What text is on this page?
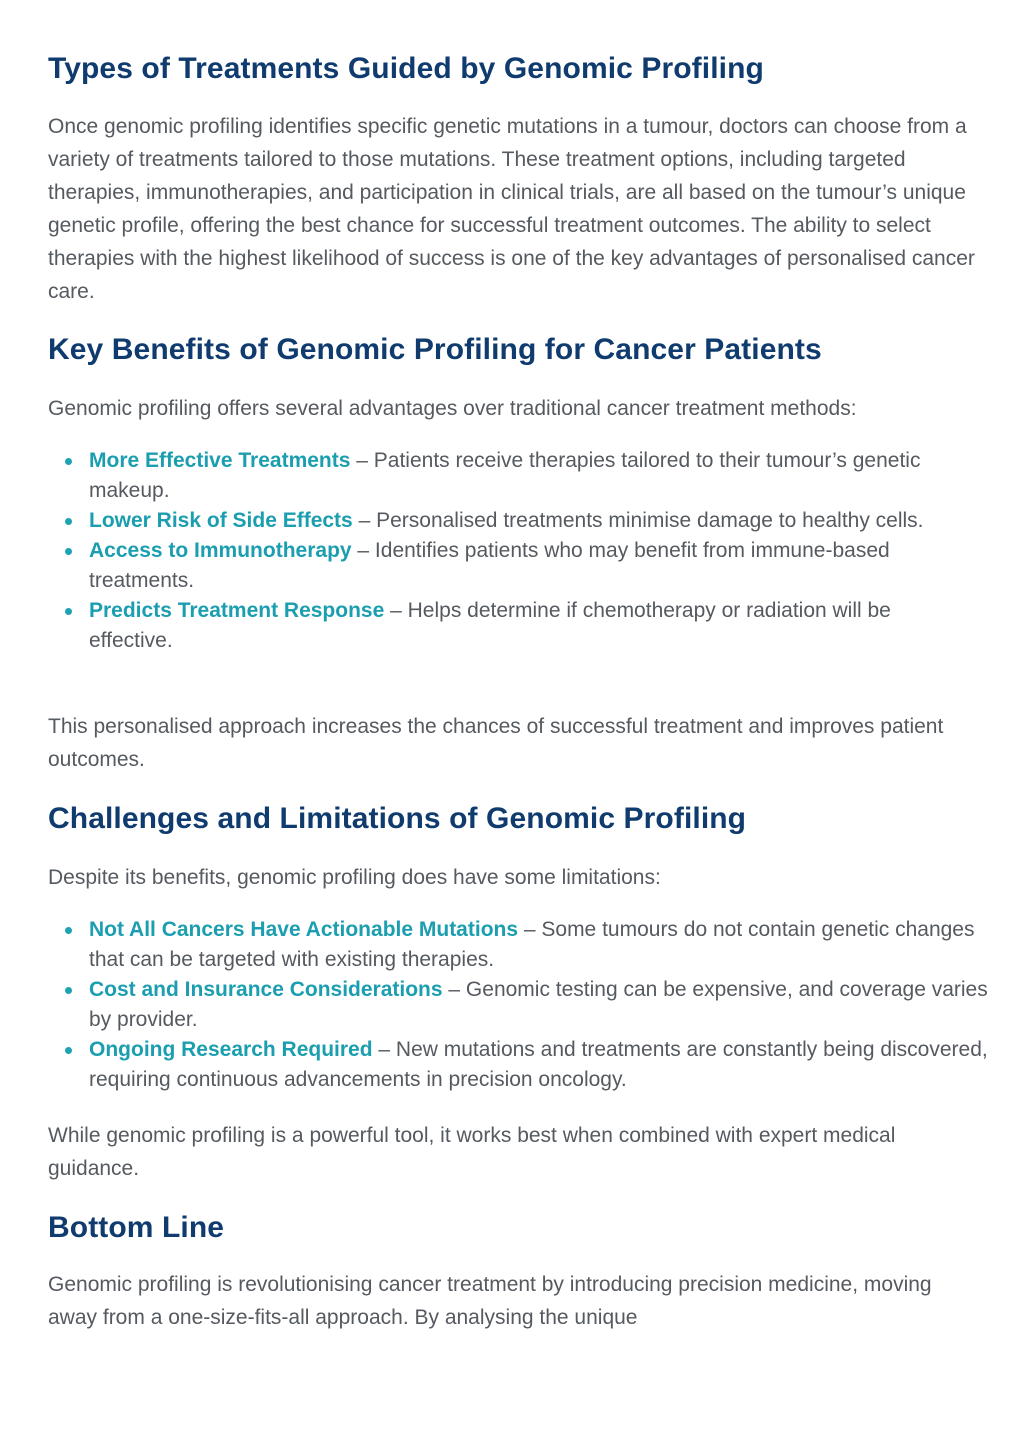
Types of Treatments Guided by Genomic Profiling

Once genomic profiling identifies specific genetic mutations in a tumour, doctors can choose from a variety of treatments tailored to those mutations. These treatment options, including targeted therapies, immunotherapies, and participation in clinical trials, are all based on the tumour’s unique genetic profile, offering the best chance for successful treatment outcomes. The ability to select therapies with the highest likelihood of success is one of the key advantages of personalised cancer care.

Key Benefits of Genomic Profiling for Cancer Patients

Genomic profiling offers several advantages over traditional cancer treatment methods:

More Effective Treatments – Patients receive therapies tailored to their tumour’s genetic makeup.
Lower Risk of Side Effects – Personalised treatments minimise damage to healthy cells.
Access to Immunotherapy – Identifies patients who may benefit from immune-based treatments.
Predicts Treatment Response – Helps determine if chemotherapy or radiation will be effective.

This personalised approach increases the chances of successful treatment and improves patient outcomes.

Challenges and Limitations of Genomic Profiling

Despite its benefits, genomic profiling does have some limitations:

Not All Cancers Have Actionable Mutations – Some tumours do not contain genetic changes that can be targeted with existing therapies.
Cost and Insurance Considerations – Genomic testing can be expensive, and coverage varies by provider.
Ongoing Research Required – New mutations and treatments are constantly being discovered, requiring continuous advancements in precision oncology.

While genomic profiling is a powerful tool, it works best when combined with expert medical guidance.

Bottom Line

Genomic profiling is revolutionising cancer treatment by introducing precision medicine, moving away from a one-size-fits-all approach. By analysing the unique
